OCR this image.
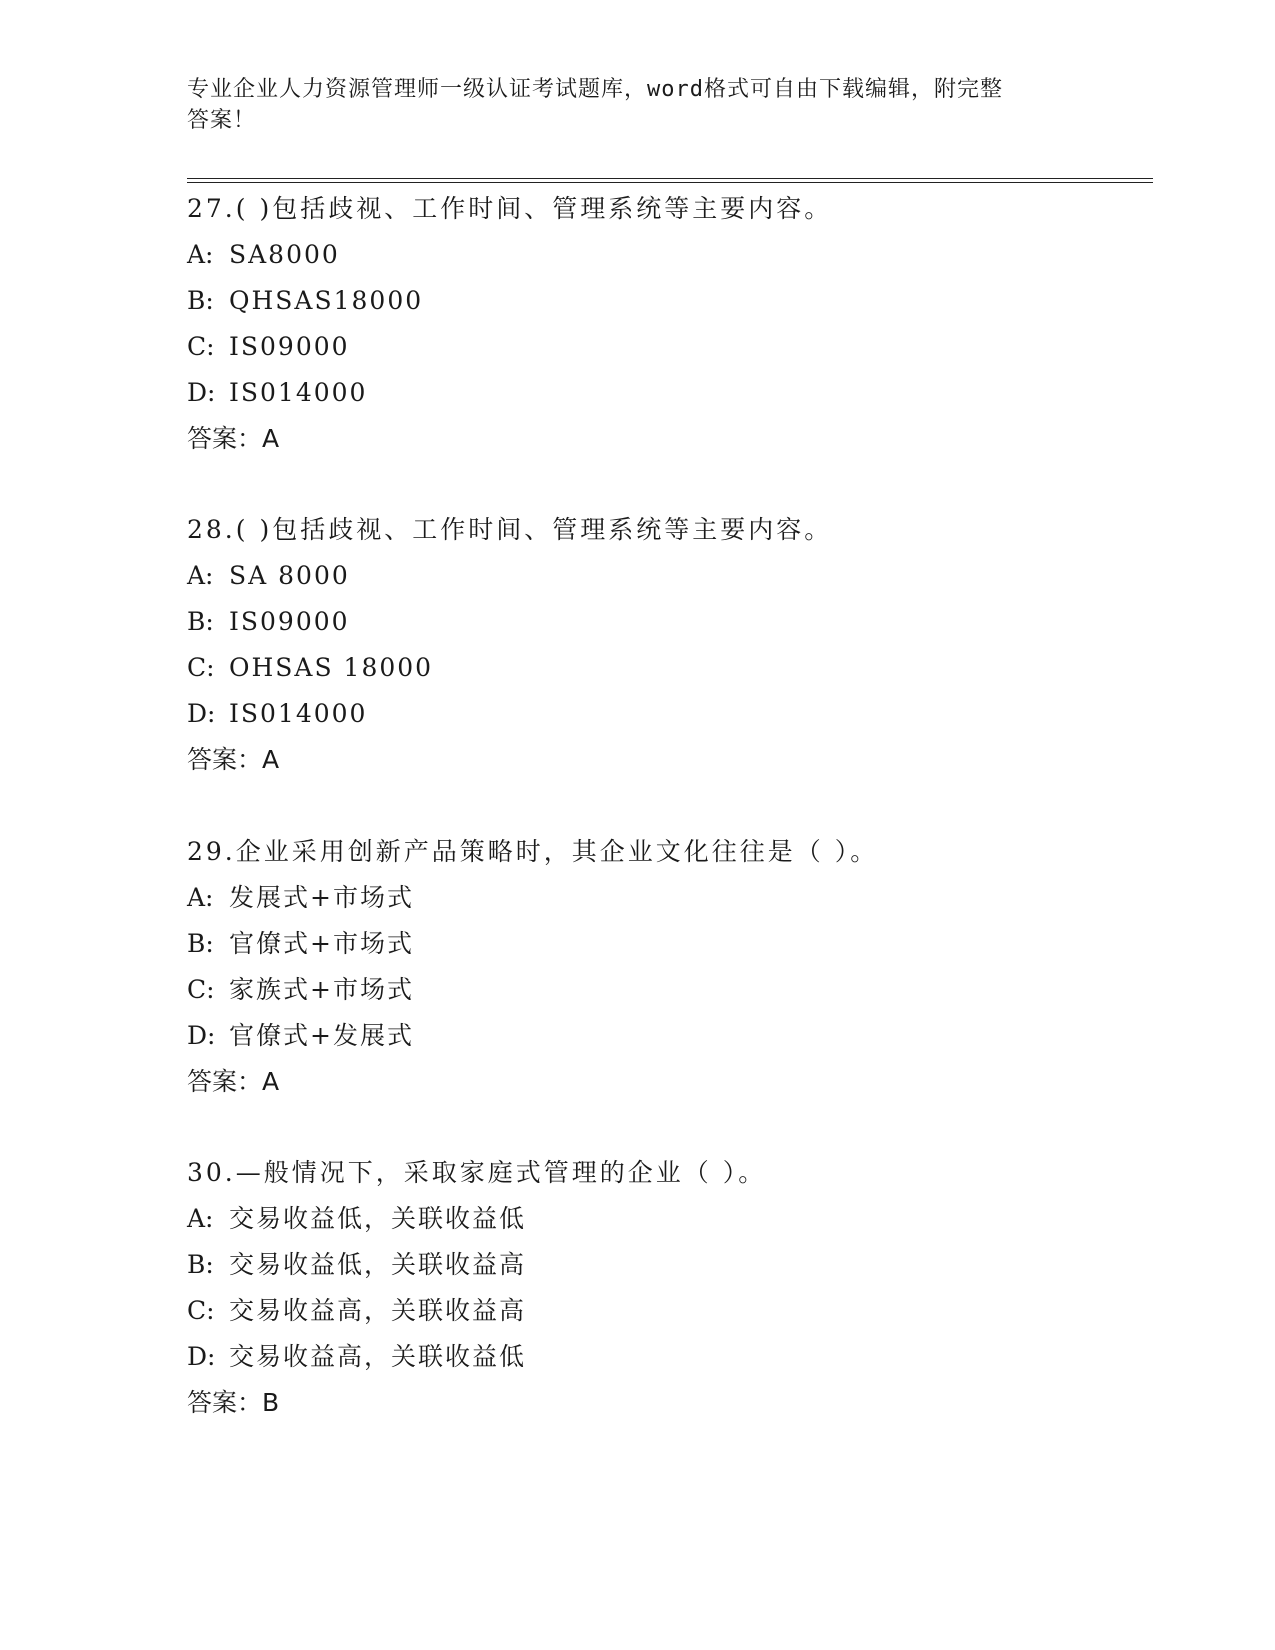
专业企业人力资源管理师一级认证考试题库，word格式可自由下载编辑，附完整
答案！
27.( )包括歧视、工作时间、管理系统等主要内容。
A: SA8000
B: QHSAS18000
C: IS09000
D: IS014000
答案：A
28.( )包括歧视、工作时间、管理系统等主要内容。
A: SA 8000
B: IS09000
C: OHSAS 18000
D: IS014000
答案：A
29.企业采用创新产品策略时，其企业文化往往是（ ）。
A: 发展式+市场式
B: 官僚式+市场式
C: 家族式+市场式
D: 官僚式+发展式
答案：A
30.—般情况下，采取家庭式管理的企业（ ）。
A: 交易收益低，关联收益低
B: 交易收益低，关联收益高
C: 交易收益高，关联收益高
D: 交易收益高，关联收益低
答案：B
